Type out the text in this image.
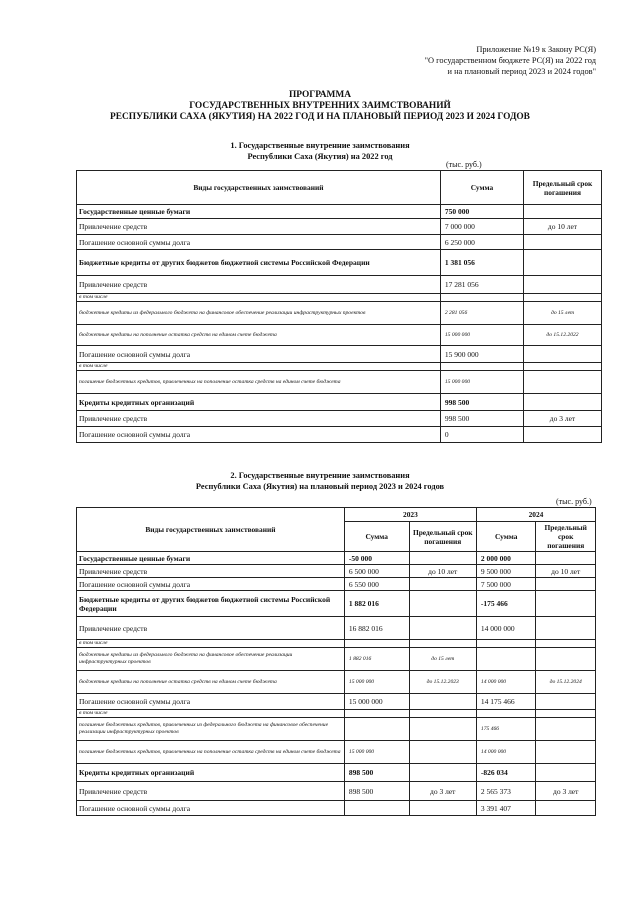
Приложение №19 к Закону РС(Я)
"О государственном бюджете РС(Я) на 2022 год
и на плановый период 2023 и 2024 годов"
ПРОГРАММА
ГОСУДАРСТВЕННЫХ ВНУТРЕННИХ ЗАИМСТВОВАНИЙ
РЕСПУБЛИКИ САХА (ЯКУТИЯ) НА 2022 ГОД И НА ПЛАНОВЫЙ ПЕРИОД 2023 И 2024 ГОДОВ
1. Государственные внутренние заимствования
Республики Саха (Якутия) на 2022 год
(тыс. руб.)
Виды государственных заимствований	Сумма	Предельный срок погашения
Государственные ценные бумаги	750 000	
Привлечение средств	7 000 000	до 10 лет
Погашение основной суммы долга	6 250 000	
Бюджетные кредиты от других бюджетов бюджетной системы Российской Федерации	1 381 056	
Привлечение средств	17 281 056	
в том числе		
бюджетные кредиты из федерального бюджета на финансовое обеспечение реализации инфраструктурных проектов	2 281 056	до 15 лет
бюджетные кредиты на пополнение остатка средств на едином счете бюджета	15 000 000	до 15.12.2022
Погашение основной суммы долга	15 900 000	
в том числе		
погашение бюджетных кредитов, привлеченных на пополнение остатка средств на едином счете бюджета	15 000 000	
Кредиты кредитных организаций	998 500	
Привлечение средств	998 500	до 3 лет
Погашение основной суммы долга	0	
2. Государственные внутренние заимствования
Республики Саха (Якутия) на плановый период 2023 и 2024 годов
(тыс. руб.)
Виды государственных заимствований	2023		2024	
	Сумма	Предельный срок погашения	Сумма	Предельный срок погашения
Государственные ценные бумаги	-50 000		2 000 000	
Привлечение средств	6 500 000	до 10 лет	9 500 000	до 10 лет
Погашение основной суммы долга	6 550 000		7 500 000	
Бюджетные кредиты от других бюджетов бюджетной системы Российской Федерации	1 882 016		-175 466	
Привлечение средств	16 882 016		14 000 000	
в том числе				
бюджетные кредиты из федерального бюджета на финансовое обеспечение реализации инфраструктурных проектов	1 882 016	до 15 лет		
бюджетные кредиты на пополнение остатка средств на едином счете бюджета	15 000 000	до 15.12.2023	14 000 000	до 15.12.2024
Погашение основной суммы долга	15 000 000		14 175 466	
в том числе				
погашение бюджетных кредитов, привлеченных из федерального бюджета на финансовое обеспечение реализации инфраструктурных проектов			175 466	
погашение бюджетных кредитов, привлеченных на пополнение остатка средств на едином счете бюджета	15 000 000		14 000 000	
Кредиты кредитных организаций	898 500		-826 034	
Привлечение средств	898 500	до 3 лет	2 565 373	до 3 лет
Погашение основной суммы долга			3 391 407	
